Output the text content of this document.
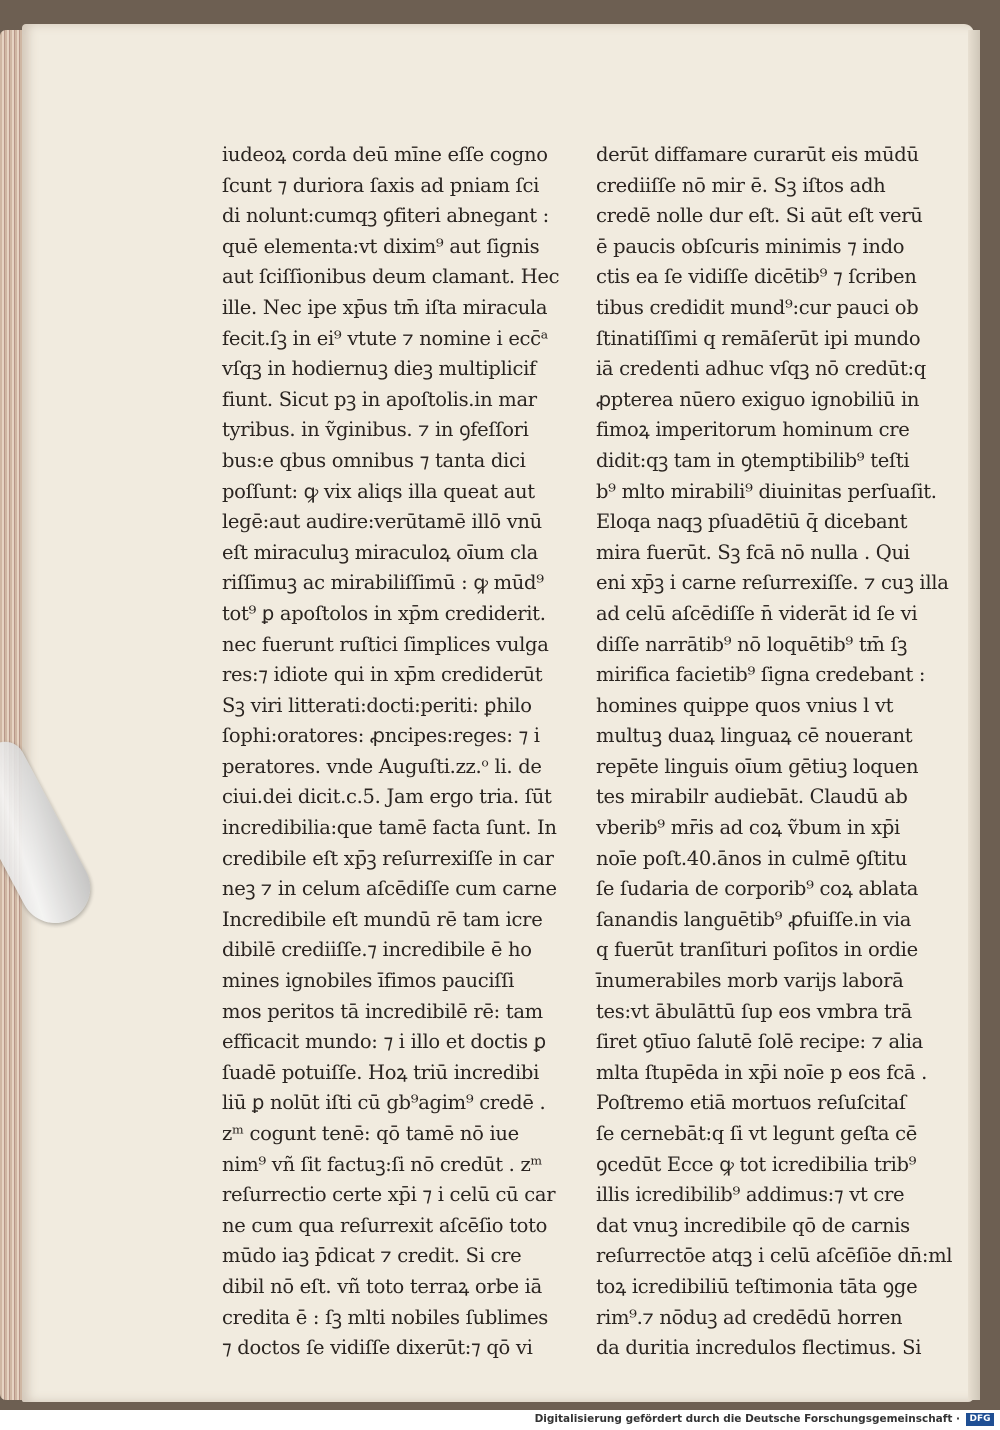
iudeoꝝ corda deū mīne eſſe cogno
ſcunt ⁊ duriora ſaxis ad pniam ſci
di nolunt:cumqꝫ ꝯfiteri abnegant :
quē elementa:vt dixim⁹ aut ſignis
aut ſciſſionibus deum clamant. Hec
ille. Nec ipe xp̄us tm̄ iſta miracula
fecit.ſꝫ in ei⁹ vtute ⁊ nomine i ecc̄ᵃ
vſqꝫ in hodiernuꝫ dieꝫ multiplicif
fiunt. Sicut pꝫ in apoſtolis.in mar
tyribus. in ṽginibus. ⁊ in ꝯfeſſori
bus:e qbus omnibus ⁊ tanta dici
poſſunt: ꝙ vix aliqs illa queat aut
legē:aut audire:verūtamē illō vnū
eſt miraculuꝫ miraculoꝝ oīum cla
riſſimuꝫ ac mirabiliſſimū : ꝙ mūd⁹
tot⁹ ꝑ apoſtolos in xp̄m crediderit.
nec fuerunt ruſtici ſimplices vulga
res:⁊ idiote qui in xp̄m crediderūt
Sꝫ viri litterati:docti:periti: ꝑhilo
ſophi:oratores: ꝓncipes:reges: ⁊ i
peratores. vnde Auguſti.zz.ᵒ li. de
ciui.dei dicit.c.5. Jam ergo tria. ſūt
incredibilia:que tamē facta ſunt. In
credibile eſt xp̄ꝫ reſurrexiſſe in car
neꝫ ⁊ in celum aſcēdiſſe cum carne
Incredibile eſt mundū rē tam icre
dibilē crediiſſe.⁊ incredibile ē ho
mines ignobiles īfimos pauciſſi
mos peritos tā incredibilē rē: tam
efficacit mundo: ⁊ i illo et doctis ꝑ
ſuadē potuiſſe. Hoꝝ triū incredibi
liū ꝑ nolūt iſti cū gb⁹agim⁹ credē .
zᵐ cogunt tenē: qō tamē nō iue
nim⁹ vñ ſit factuꝫ:ſi nō credūt . zᵐ
reſurrectio certe xp̄i ⁊ i celū cū car
ne cum qua reſurrexit aſcēſio toto
mūdo iaꝫ p̄dicat ⁊ credit. Si cre
dibil nō eſt. vñ toto terraꝝ orbe iā
credita ē : ſꝫ mlti nobiles ſublimes
⁊ doctos ſe vidiſſe dixerūt:⁊ qō vi
derūt diffamare curarūt eis mūdū
crediiſſe nō mir ē. Sꝫ iſtos adh
credē nolle dur eſt. Si aūt eſt verū
ē paucis obſcuris minimis ⁊ indo
ctis ea ſe vidiſſe dicētib⁹ ⁊ ſcriben
tibus credidit mund⁹:cur pauci ob
ſtinatiſſimi q remāſerūt ipi mundo
iā credenti adhuc vſqꝫ nō credūt:q
ꝓpterea nūero exiguo ignobiliū in
fimoꝝ imperitorum hominum cre
didit:qꝫ tam in ꝯtemptibilib⁹ teſti
b⁹ mlto mirabili⁹ diuinitas perſuaſit.
Eloqa naqꝫ pſuadētiū q̄ dicebant
mira fuerūt. Sꝫ fcā nō nulla . Qui
eni xp̄ꝫ i carne reſurrexiſſe. ⁊ cuꝫ illa
ad celū aſcēdiſſe n̄ viderāt id ſe vi
diſſe narrātib⁹ nō loquētib⁹ tm̄ ſꝫ
mirifica facietib⁹ ſigna credebant :
homines quippe quos vnius l vt
multuꝫ duaꝝ linguaꝝ cē nouerant
repēte linguis oīum gētiuꝫ loquen
tes mirabilr audiebāt. Claudū ab
vberib⁹ mr̄is ad coꝝ ṽbum in xp̄i
noīe poſt.40.ānos in culmē ꝯſtitu
ſe ſudaria de corporib⁹ coꝝ ablata
ſanandis languētib⁹ ꝓfuiſſe.in via
q fuerūt tranſituri poſitos in ordie
īnumerabiles morb varijs laborā
tes:vt ābulāttū ſup eos vmbra trā
ſiret ꝯtīuo ſalutē ſolē recipe: ⁊ alia
mlta ſtupēda in xp̄i noīe p eos fcā .
Poſtremo etiā mortuos reſuſcitaſ
ſe cernebāt:q ſi vt legunt geſta cē
ꝯcedūt Ecce ꝙ tot icredibilia trib⁹
illis icredibilib⁹ addimus:⁊ vt cre
dat vnuꝫ incredibile qō de carnis
reſurrectōe atqꝫ i celū aſcēſiōe dn̄:ml
toꝝ icredibiliū teſtimonia tāta ꝯge
rim⁹.⁊ nōduꝫ ad credēdū horren
da duritia incredulos flectimus. Si
Digitalisierung gefördert durch die Deutsche Forschungsgemeinschaft ·	DFG
